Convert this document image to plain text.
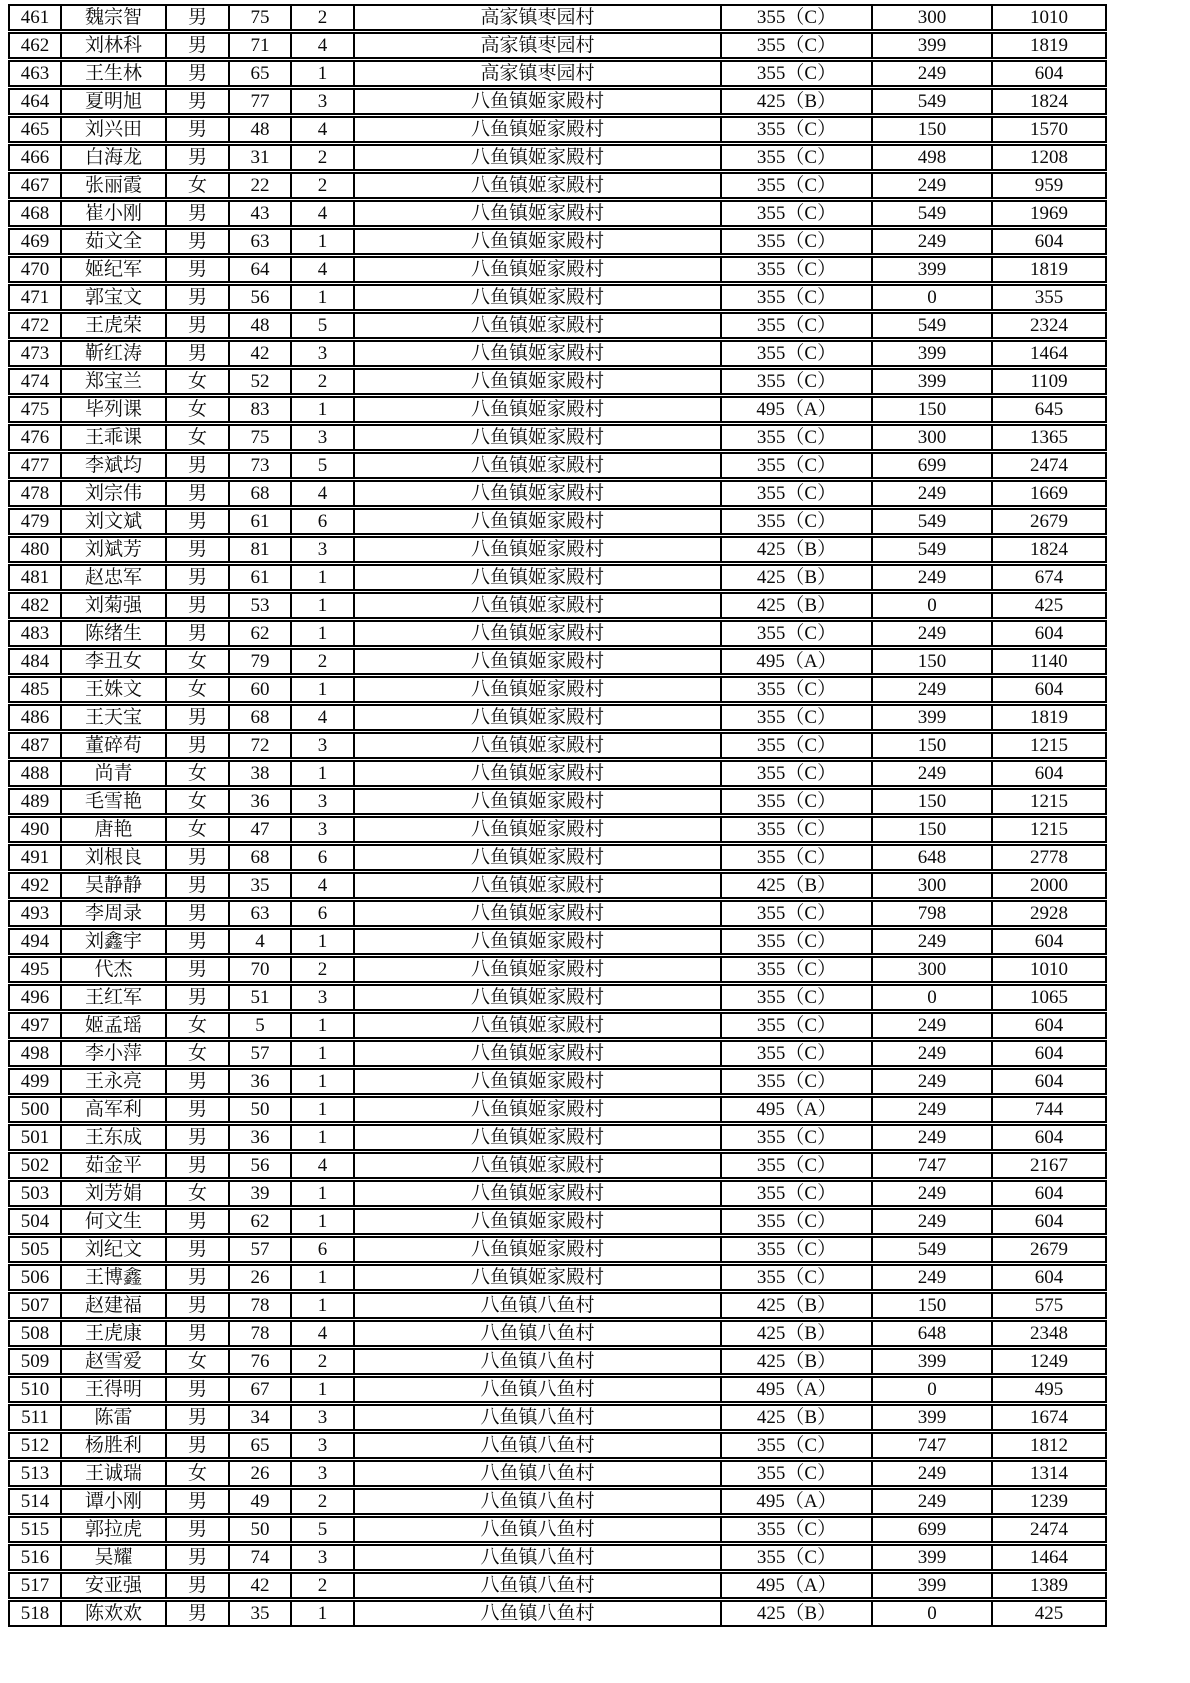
461	魏宗智	男	75	2	高家镇枣园村	355（C）	300	1010
462	刘林科	男	71	4	高家镇枣园村	355（C）	399	1819
463	王生林	男	65	1	高家镇枣园村	355（C）	249	604
464	夏明旭	男	77	3	八鱼镇姬家殿村	425（B）	549	1824
465	刘兴田	男	48	4	八鱼镇姬家殿村	355（C）	150	1570
466	白海龙	男	31	2	八鱼镇姬家殿村	355（C）	498	1208
467	张丽霞	女	22	2	八鱼镇姬家殿村	355（C）	249	959
468	崔小刚	男	43	4	八鱼镇姬家殿村	355（C）	549	1969
469	茹文全	男	63	1	八鱼镇姬家殿村	355（C）	249	604
470	姬纪军	男	64	4	八鱼镇姬家殿村	355（C）	399	1819
471	郭宝文	男	56	1	八鱼镇姬家殿村	355（C）	0	355
472	王虎荣	男	48	5	八鱼镇姬家殿村	355（C）	549	2324
473	靳红涛	男	42	3	八鱼镇姬家殿村	355（C）	399	1464
474	郑宝兰	女	52	2	八鱼镇姬家殿村	355（C）	399	1109
475	毕列课	女	83	1	八鱼镇姬家殿村	495（A）	150	645
476	王乖课	女	75	3	八鱼镇姬家殿村	355（C）	300	1365
477	李斌均	男	73	5	八鱼镇姬家殿村	355（C）	699	2474
478	刘宗伟	男	68	4	八鱼镇姬家殿村	355（C）	249	1669
479	刘文斌	男	61	6	八鱼镇姬家殿村	355（C）	549	2679
480	刘斌芳	男	81	3	八鱼镇姬家殿村	425（B）	549	1824
481	赵忠军	男	61	1	八鱼镇姬家殿村	425（B）	249	674
482	刘菊强	男	53	1	八鱼镇姬家殿村	425（B）	0	425
483	陈绪生	男	62	1	八鱼镇姬家殿村	355（C）	249	604
484	李丑女	女	79	2	八鱼镇姬家殿村	495（A）	150	1140
485	王姝文	女	60	1	八鱼镇姬家殿村	355（C）	249	604
486	王天宝	男	68	4	八鱼镇姬家殿村	355（C）	399	1819
487	董碎苟	男	72	3	八鱼镇姬家殿村	355（C）	150	1215
488	尚青	女	38	1	八鱼镇姬家殿村	355（C）	249	604
489	毛雪艳	女	36	3	八鱼镇姬家殿村	355（C）	150	1215
490	唐艳	女	47	3	八鱼镇姬家殿村	355（C）	150	1215
491	刘根良	男	68	6	八鱼镇姬家殿村	355（C）	648	2778
492	吴静静	男	35	4	八鱼镇姬家殿村	425（B）	300	2000
493	李周录	男	63	6	八鱼镇姬家殿村	355（C）	798	2928
494	刘鑫宇	男	4	1	八鱼镇姬家殿村	355（C）	249	604
495	代杰	男	70	2	八鱼镇姬家殿村	355（C）	300	1010
496	王红军	男	51	3	八鱼镇姬家殿村	355（C）	0	1065
497	姬孟瑶	女	5	1	八鱼镇姬家殿村	355（C）	249	604
498	李小萍	女	57	1	八鱼镇姬家殿村	355（C）	249	604
499	王永亮	男	36	1	八鱼镇姬家殿村	355（C）	249	604
500	高军利	男	50	1	八鱼镇姬家殿村	495（A）	249	744
501	王东成	男	36	1	八鱼镇姬家殿村	355（C）	249	604
502	茹金平	男	56	4	八鱼镇姬家殿村	355（C）	747	2167
503	刘芳娟	女	39	1	八鱼镇姬家殿村	355（C）	249	604
504	何文生	男	62	1	八鱼镇姬家殿村	355（C）	249	604
505	刘纪文	男	57	6	八鱼镇姬家殿村	355（C）	549	2679
506	王博鑫	男	26	1	八鱼镇姬家殿村	355（C）	249	604
507	赵建福	男	78	1	八鱼镇八鱼村	425（B）	150	575
508	王虎康	男	78	4	八鱼镇八鱼村	425（B）	648	2348
509	赵雪爱	女	76	2	八鱼镇八鱼村	425（B）	399	1249
510	王得明	男	67	1	八鱼镇八鱼村	495（A）	0	495
511	陈雷	男	34	3	八鱼镇八鱼村	425（B）	399	1674
512	杨胜利	男	65	3	八鱼镇八鱼村	355（C）	747	1812
513	王诚瑞	女	26	3	八鱼镇八鱼村	355（C）	249	1314
514	谭小刚	男	49	2	八鱼镇八鱼村	495（A）	249	1239
515	郭拉虎	男	50	5	八鱼镇八鱼村	355（C）	699	2474
516	吴耀	男	74	3	八鱼镇八鱼村	355（C）	399	1464
517	安亚强	男	42	2	八鱼镇八鱼村	495（A）	399	1389
518	陈欢欢	男	35	1	八鱼镇八鱼村	425（B）	0	425
